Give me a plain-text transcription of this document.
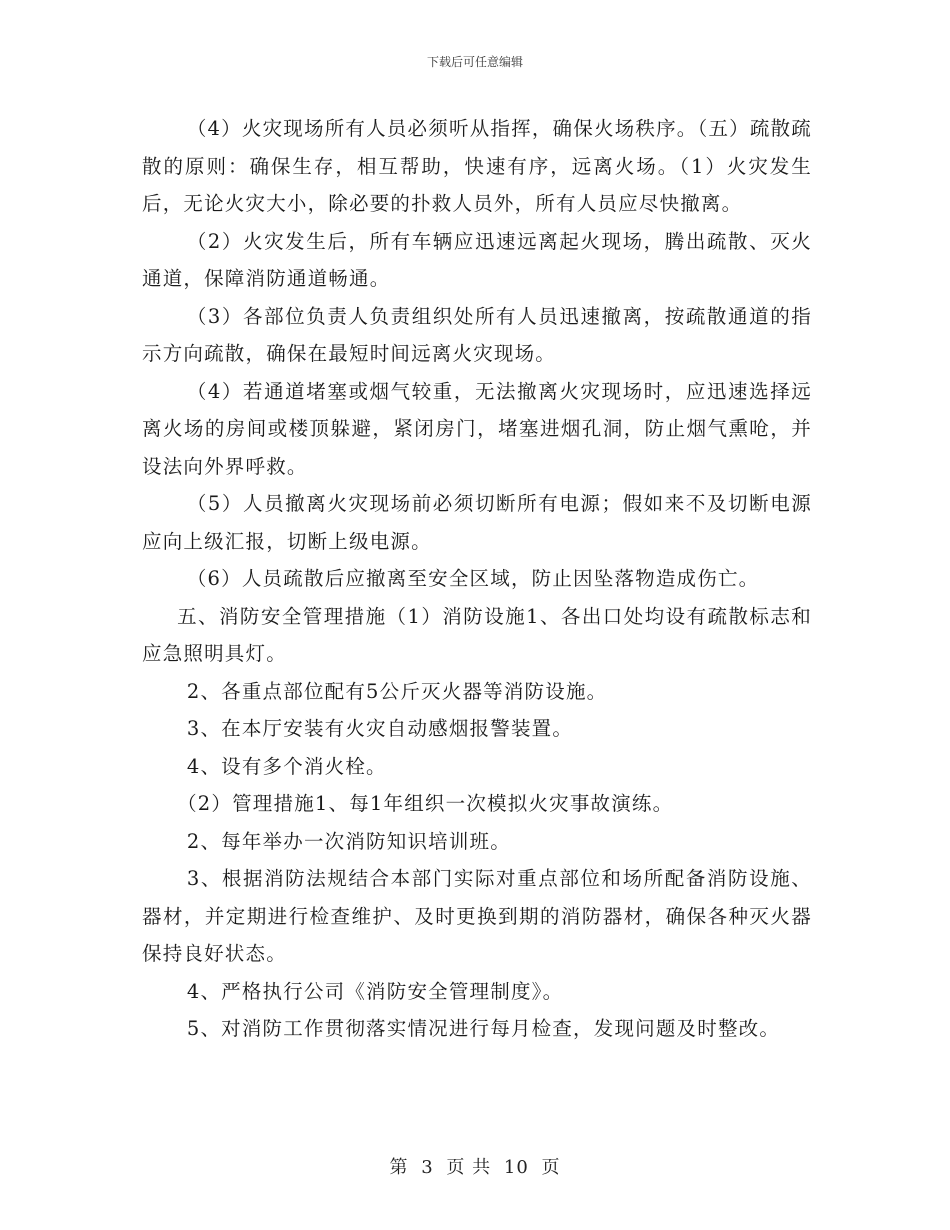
下载后可任意编辑

（4）火灾现场所有人员必须听从指挥，确保火场秩序。（五）疏散疏散的原则：确保生存，相互帮助，快速有序，远离火场。（1）火灾发生后，无论火灾大小，除必要的扑救人员外，所有人员应尽快撤离。

（2）火灾发生后，所有车辆应迅速远离起火现场，腾出疏散、灭火通道，保障消防通道畅通。

（3）各部位负责人负责组织处所有人员迅速撤离，按疏散通道的指示方向疏散，确保在最短时间远离火灾现场。

（4）若通道堵塞或烟气较重，无法撤离火灾现场时，应迅速选择远离火场的房间或楼顶躲避，紧闭房门，堵塞进烟孔洞，防止烟气熏呛，并设法向外界呼救。

（5）人员撤离火灾现场前必须切断所有电源；假如来不及切断电源应向上级汇报，切断上级电源。

（6）人员疏散后应撤离至安全区域，防止因坠落物造成伤亡。

五、消防安全管理措施（1）消防设施1、各出口处均设有疏散标志和应急照明具灯。

2、各重点部位配有5公斤灭火器等消防设施。

3、在本厅安装有火灾自动感烟报警装置。

4、设有多个消火栓。

（2）管理措施1、每1年组织一次模拟火灾事故演练。

2、每年举办一次消防知识培训班。

3、根据消防法规结合本部门实际对重点部位和场所配备消防设施、器材，并定期进行检查维护、及时更换到期的消防器材，确保各种灭火器保持良好状态。

4、严格执行公司《消防安全管理制度》。

5、对消防工作贯彻落实情况进行每月检查，发现问题及时整改。

第 3 页 共 10 页
